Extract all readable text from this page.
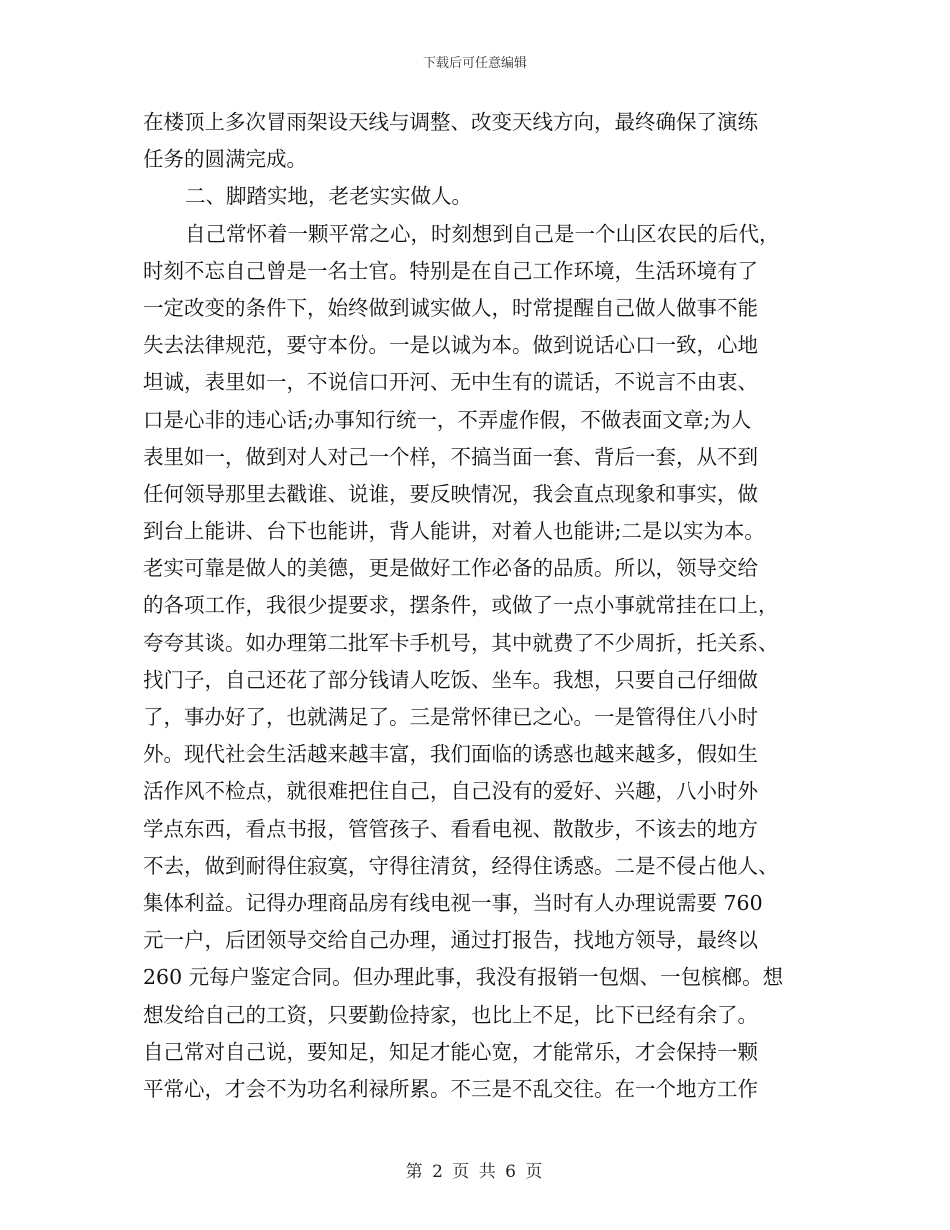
下载后可任意编辑
在楼顶上多次冒雨架设天线与调整、改变天线方向，最终确保了演练
任务的圆满完成。
二、脚踏实地，老老实实做人。
自己常怀着一颗平常之心，时刻想到自己是一个山区农民的后代，
时刻不忘自己曾是一名士官。特别是在自己工作环境，生活环境有了
一定改变的条件下，始终做到诚实做人，时常提醒自己做人做事不能
失去法律规范，要守本份。一是以诚为本。做到说话心口一致，心地
坦诚，表里如一，不说信口开河、无中生有的谎话，不说言不由衷、
口是心非的违心话;办事知行统一，不弄虚作假，不做表面文章;为人
表里如一，做到对人对己一个样，不搞当面一套、背后一套，从不到
任何领导那里去戳谁、说谁，要反映情况，我会直点现象和事实，做
到台上能讲、台下也能讲，背人能讲，对着人也能讲;二是以实为本。
老实可靠是做人的美德，更是做好工作必备的品质。所以，领导交给
的各项工作，我很少提要求，摆条件，或做了一点小事就常挂在口上，
夸夸其谈。如办理第二批军卡手机号，其中就费了不少周折，托关系、
找门子，自己还花了部分钱请人吃饭、坐车。我想，只要自己仔细做
了，事办好了，也就满足了。三是常怀律已之心。一是管得住八小时
外。现代社会生活越来越丰富，我们面临的诱惑也越来越多，假如生
活作风不检点，就很难把住自己，自己没有的爱好、兴趣，八小时外
学点东西，看点书报，管管孩子、看看电视、散散步，不该去的地方
不去，做到耐得住寂寞，守得往清贫，经得住诱惑。二是不侵占他人、
集体利益。记得办理商品房有线电视一事，当时有人办理说需要 760
元一户，后团领导交给自己办理，通过打报告，找地方领导，最终以
260 元每户鉴定合同。但办理此事，我没有报销一包烟、一包槟榔。想
想发给自己的工资，只要勤俭持家，也比上不足，比下已经有余了。
自己常对自己说，要知足，知足才能心宽，才能常乐，才会保持一颗
平常心，才会不为功名利禄所累。不三是不乱交往。在一个地方工作
第 2 页 共 6 页
